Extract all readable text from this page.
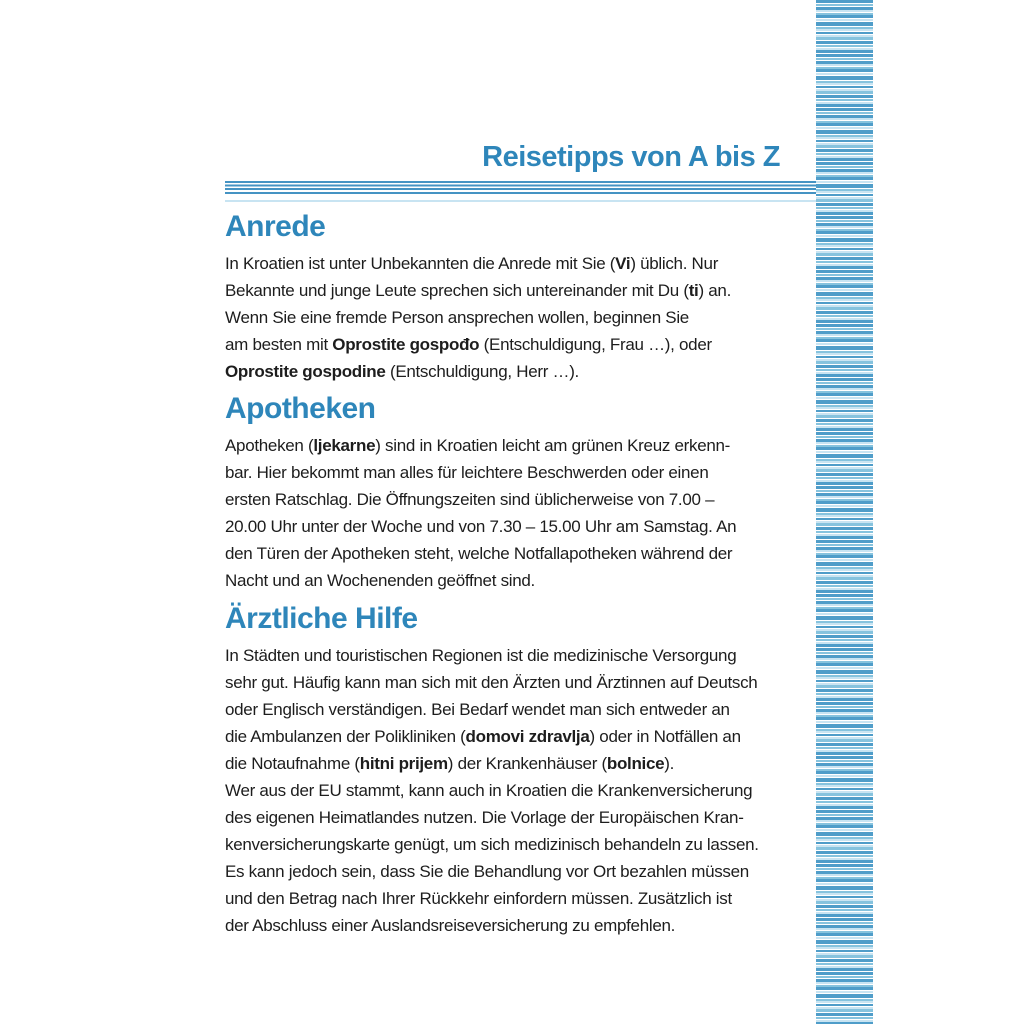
Reisetipps von A bis Z
Anrede
In Kroatien ist unter Unbekannten die Anrede mit Sie (Vi) üblich. Nur
Bekannte und junge Leute sprechen sich untereinander mit Du (ti) an.
Wenn Sie eine fremde Person ansprechen wollen, beginnen Sie
am besten mit Oprostite gospođo (Entschuldigung, Frau …), oder
Oprostite gospodine (Entschuldigung, Herr …).
Apotheken
Apotheken (ljekarne) sind in Kroatien leicht am grünen Kreuz erkenn-
bar. Hier bekommt man alles für leichtere Beschwerden oder einen
ersten Ratschlag. Die Öffnungszeiten sind üblicherweise von 7.00 –
20.00 Uhr unter der Woche und von 7.30 – 15.00 Uhr am Samstag. An
den Türen der Apotheken steht, welche Notfallapotheken während der
Nacht und an Wochenenden geöffnet sind.
Ärztliche Hilfe
In Städten und touristischen Regionen ist die medizinische Versorgung
sehr gut. Häufig kann man sich mit den Ärzten und Ärztinnen auf Deutsch
oder Englisch verständigen. Bei Bedarf wendet man sich entweder an
die Ambulanzen der Polikliniken (domovi zdravlja) oder in Notfällen an
die Notaufnahme (hitni prijem) der Krankenhäuser (bolnice).
Wer aus der EU stammt, kann auch in Kroatien die Krankenversicherung
des eigenen Heimatlandes nutzen. Die Vorlage der Europäischen Kran-
kenversicherungskarte genügt, um sich medizinisch behandeln zu lassen.
Es kann jedoch sein, dass Sie die Behandlung vor Ort bezahlen müssen
und den Betrag nach Ihrer Rückkehr einfordern müssen. Zusätzlich ist
der Abschluss einer Auslandsreiseversicherung zu empfehlen.
